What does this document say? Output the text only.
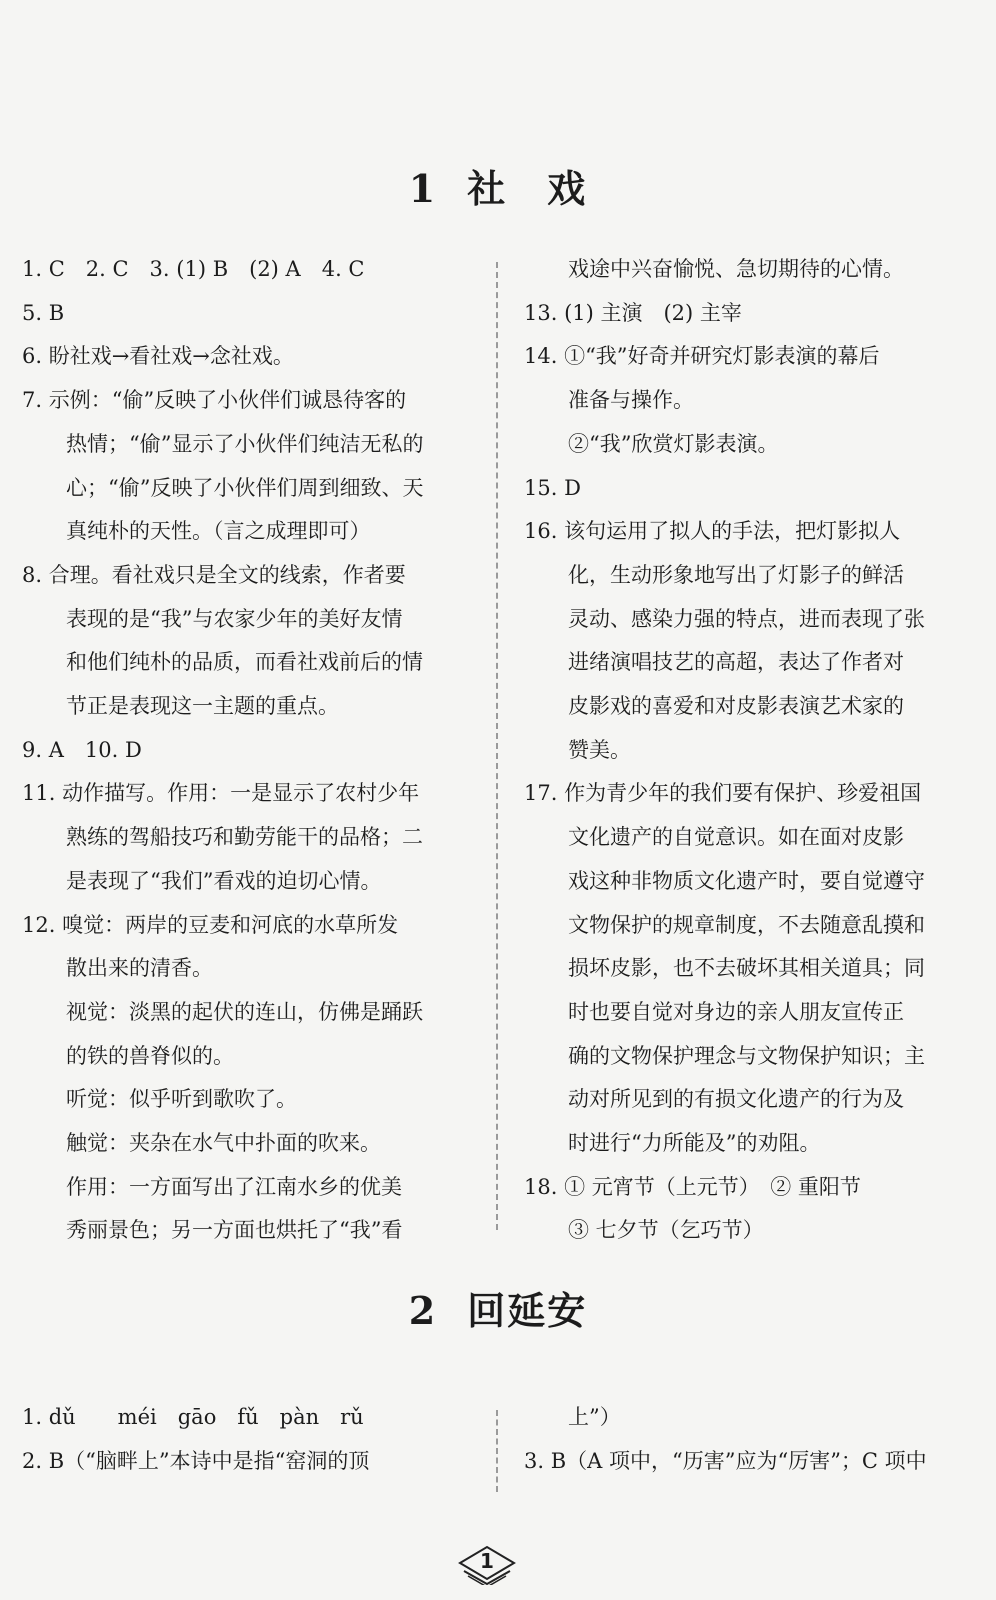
1 社　戏
1. C　2. C　3. (1) B　(2) A　4. C
5. B
6. 盼社戏→看社戏→念社戏。
7. 示例：“偷”反映了小伙伴们诚恳待客的
热情；“偷”显示了小伙伴们纯洁无私的
心；“偷”反映了小伙伴们周到细致、天
真纯朴的天性。（言之成理即可）
8. 合理。看社戏只是全文的线索，作者要
表现的是“我”与农家少年的美好友情
和他们纯朴的品质，而看社戏前后的情
节正是表现这一主题的重点。
9. A　10. D
11. 动作描写。作用：一是显示了农村少年
熟练的驾船技巧和勤劳能干的品格；二
是表现了“我们”看戏的迫切心情。
12. 嗅觉：两岸的豆麦和河底的水草所发
散出来的清香。
视觉：淡黑的起伏的连山，仿佛是踊跃
的铁的兽脊似的。
听觉：似乎听到歌吹了。
触觉：夹杂在水气中扑面的吹来。
作用：一方面写出了江南水乡的优美
秀丽景色；另一方面也烘托了“我”看
戏途中兴奋愉悦、急切期待的心情。
13. (1) 主演　(2) 主宰
14. ①“我”好奇并研究灯影表演的幕后
准备与操作。
②“我”欣赏灯影表演。
15. D
16. 该句运用了拟人的手法，把灯影拟人
化，生动形象地写出了灯影子的鲜活
灵动、感染力强的特点，进而表现了张
进绪演唱技艺的高超，表达了作者对
皮影戏的喜爱和对皮影表演艺术家的
赞美。
17. 作为青少年的我们要有保护、珍爱祖国
文化遗产的自觉意识。如在面对皮影
戏这种非物质文化遗产时，要自觉遵守
文物保护的规章制度，不去随意乱摸和
损坏皮影，也不去破坏其相关道具；同
时也要自觉对身边的亲人朋友宣传正
确的文物保护理念与文物保护知识；主
动对所见到的有损文化遗产的行为及
时进行“力所能及”的劝阻。
18. ① 元宵节（上元节）　② 重阳节
③ 七夕节（乞巧节）
2 回延安
1. dǔ　　méi　gāo　fǔ　pàn　rǔ
2. B（“脑畔上”本诗中是指“窑洞的顶
上”）
3. B（A 项中，“历害”应为“厉害”；C 项中
1
